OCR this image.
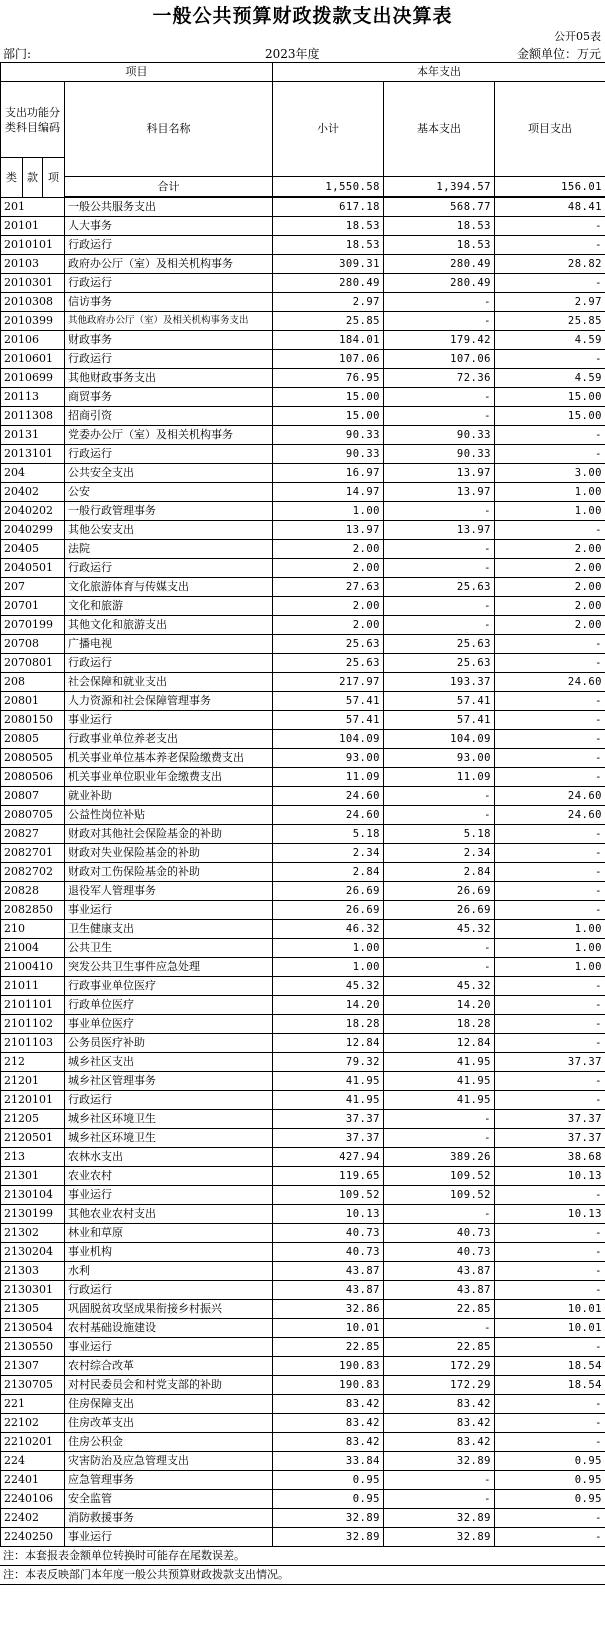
一般公共预算财政拨款支出决算表
公开05表
部门:	2023年度	金额单位：万元
项目				本年支出			
支出功能分类科目编码			科目名称	小计	基本支出	项目支出	
类	款	项				
			合计	1,550.58	1,394.57	156.01	

201			一般公共服务支出	617.18	568.77	48.41	
20101			人大事务	18.53	18.53	-	
2010101			行政运行	18.53	18.53	-	
20103			政府办公厅（室）及相关机构事务	309.31	280.49	28.82	
2010301			行政运行	280.49	280.49	-	
2010308			信访事务	2.97	-	2.97	
2010399			其他政府办公厅（室）及相关机构事务支出	25.85	-	25.85	
20106			财政事务	184.01	179.42	4.59	
2010601			行政运行	107.06	107.06	-	
2010699			其他财政事务支出	76.95	72.36	4.59	
20113			商贸事务	15.00	-	15.00	
2011308			招商引资	15.00	-	15.00	
20131			党委办公厅（室）及相关机构事务	90.33	90.33	-	
2013101			行政运行	90.33	90.33	-	
204			公共安全支出	16.97	13.97	3.00	
20402			公安	14.97	13.97	1.00	
2040202			一般行政管理事务	1.00	-	1.00	
2040299			其他公安支出	13.97	13.97	-	
20405			法院	2.00	-	2.00	
2040501			行政运行	2.00	-	2.00	
207			文化旅游体育与传媒支出	27.63	25.63	2.00	
20701			文化和旅游	2.00	-	2.00	
2070199			其他文化和旅游支出	2.00	-	2.00	
20708			广播电视	25.63	25.63	-	
2070801			行政运行	25.63	25.63	-	
208			社会保障和就业支出	217.97	193.37	24.60	
20801			人力资源和社会保障管理事务	57.41	57.41	-	
2080150			事业运行	57.41	57.41	-	
20805			行政事业单位养老支出	104.09	104.09	-	
2080505			机关事业单位基本养老保险缴费支出	93.00	93.00	-	
2080506			机关事业单位职业年金缴费支出	11.09	11.09	-	
20807			就业补助	24.60	-	24.60	
2080705			公益性岗位补贴	24.60	-	24.60	
20827			财政对其他社会保险基金的补助	5.18	5.18	-	
2082701			财政对失业保险基金的补助	2.34	2.34	-	
2082702			财政对工伤保险基金的补助	2.84	2.84	-	
20828			退役军人管理事务	26.69	26.69	-	
2082850			事业运行	26.69	26.69	-	
210			卫生健康支出	46.32	45.32	1.00	
21004			公共卫生	1.00	-	1.00	
2100410			突发公共卫生事件应急处理	1.00	-	1.00	
21011			行政事业单位医疗	45.32	45.32	-	
2101101			行政单位医疗	14.20	14.20	-	
2101102			事业单位医疗	18.28	18.28	-	
2101103			公务员医疗补助	12.84	12.84	-	
212			城乡社区支出	79.32	41.95	37.37	
21201			城乡社区管理事务	41.95	41.95	-	
2120101			行政运行	41.95	41.95	-	
21205			城乡社区环境卫生	37.37	-	37.37	
2120501			城乡社区环境卫生	37.37	-	37.37	
213			农林水支出	427.94	389.26	38.68	
21301			农业农村	119.65	109.52	10.13	
2130104			事业运行	109.52	109.52	-	
2130199			其他农业农村支出	10.13	-	10.13	
21302			林业和草原	40.73	40.73	-	
2130204			事业机构	40.73	40.73	-	
21303			水利	43.87	43.87	-	
2130301			行政运行	43.87	43.87	-	
21305			巩固脱贫攻坚成果衔接乡村振兴	32.86	22.85	10.01	
2130504			农村基础设施建设	10.01	-	10.01	
2130550			事业运行	22.85	22.85	-	
21307			农村综合改革	190.83	172.29	18.54	
2130705			对村民委员会和村党支部的补助	190.83	172.29	18.54	
221			住房保障支出	83.42	83.42	-	
22102			住房改革支出	83.42	83.42	-	
2210201			住房公积金	83.42	83.42	-	
224			灾害防治及应急管理支出	33.84	32.89	0.95	
22401			应急管理事务	0.95	-	0.95	
2240106			安全监管	0.95	-	0.95	
22402			消防救援事务	32.89	32.89	-	
2240250			事业运行	32.89	32.89	-	
注：本套报表金额单位转换时可能存在尾数误差。
注：本表反映部门本年度一般公共预算财政拨款支出情况。
